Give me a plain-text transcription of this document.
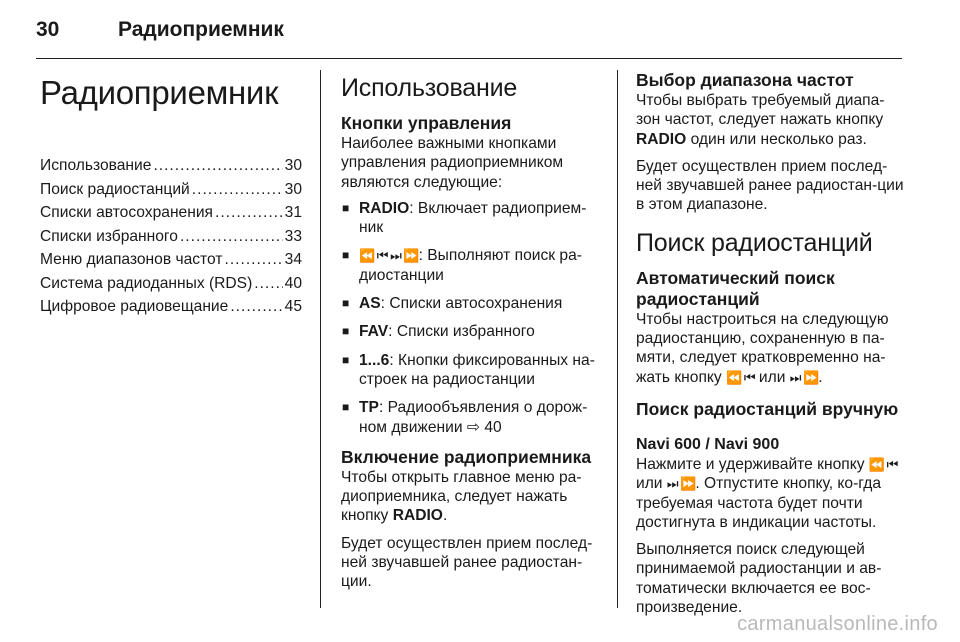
30	Радиоприемник
Радиоприемник
Использование .....	30
Поиск радиостанций .....	30
Списки автосохранения .....	31
Списки избранного .....	33
Меню диапазонов частот .....	34
Система радиоданных (RDS) ..... 40
Цифровое радиовещание .....	45
Использование
Кнопки управления

Наиболее важными кнопками управления радиоприемником являются следующие:

■ RADIO: Включает радиоприем-ник
■ ⏪ ⏮ ⏭ ⏩: Выполняют поиск ра-диостанции
■ AS: Списки автосохранения
■ FAV: Списки избранного
■ 1...6: Кнопки фиксированных на-строек на радиостанции
■ TP: Радиообъявления о дорож-ном движении ⇨ 40
Включение радиоприемника

Чтобы открыть главное меню ра-диоприемника, следует нажать кнопку RADIO.

Будет осуществлен прием послед-ней звучавшей ранее радиостан-ции.

Выбор диапазона частот

Чтобы выбрать требуемый диапа-зон частот, следует нажать кнопку RADIO один или несколько раз.

Будет осуществлен прием послед-ней звучавшей ранее радиостан-ции в этом диапазоне.

Поиск радиостанций
Автоматический поиск радиостанций

Чтобы настроиться на следующую радиостанцию, сохраненную в па-мяти, следует кратковременно на-жать кнопку ⏪ ⏮ или ⏭ ⏩.

Поиск радиостанций вручную
Navi 600 / Navi 900

Нажмите и удерживайте кнопку ⏪ ⏮ или ⏭ ⏩. Отпустите кнопку, ко-гда требуемая частота будет почти достигнута в индикации частоты.

Выполняется поиск следующей принимаемой радиостанции и ав-томатически включается ее вос-произведение.

carmanualsonline.info
